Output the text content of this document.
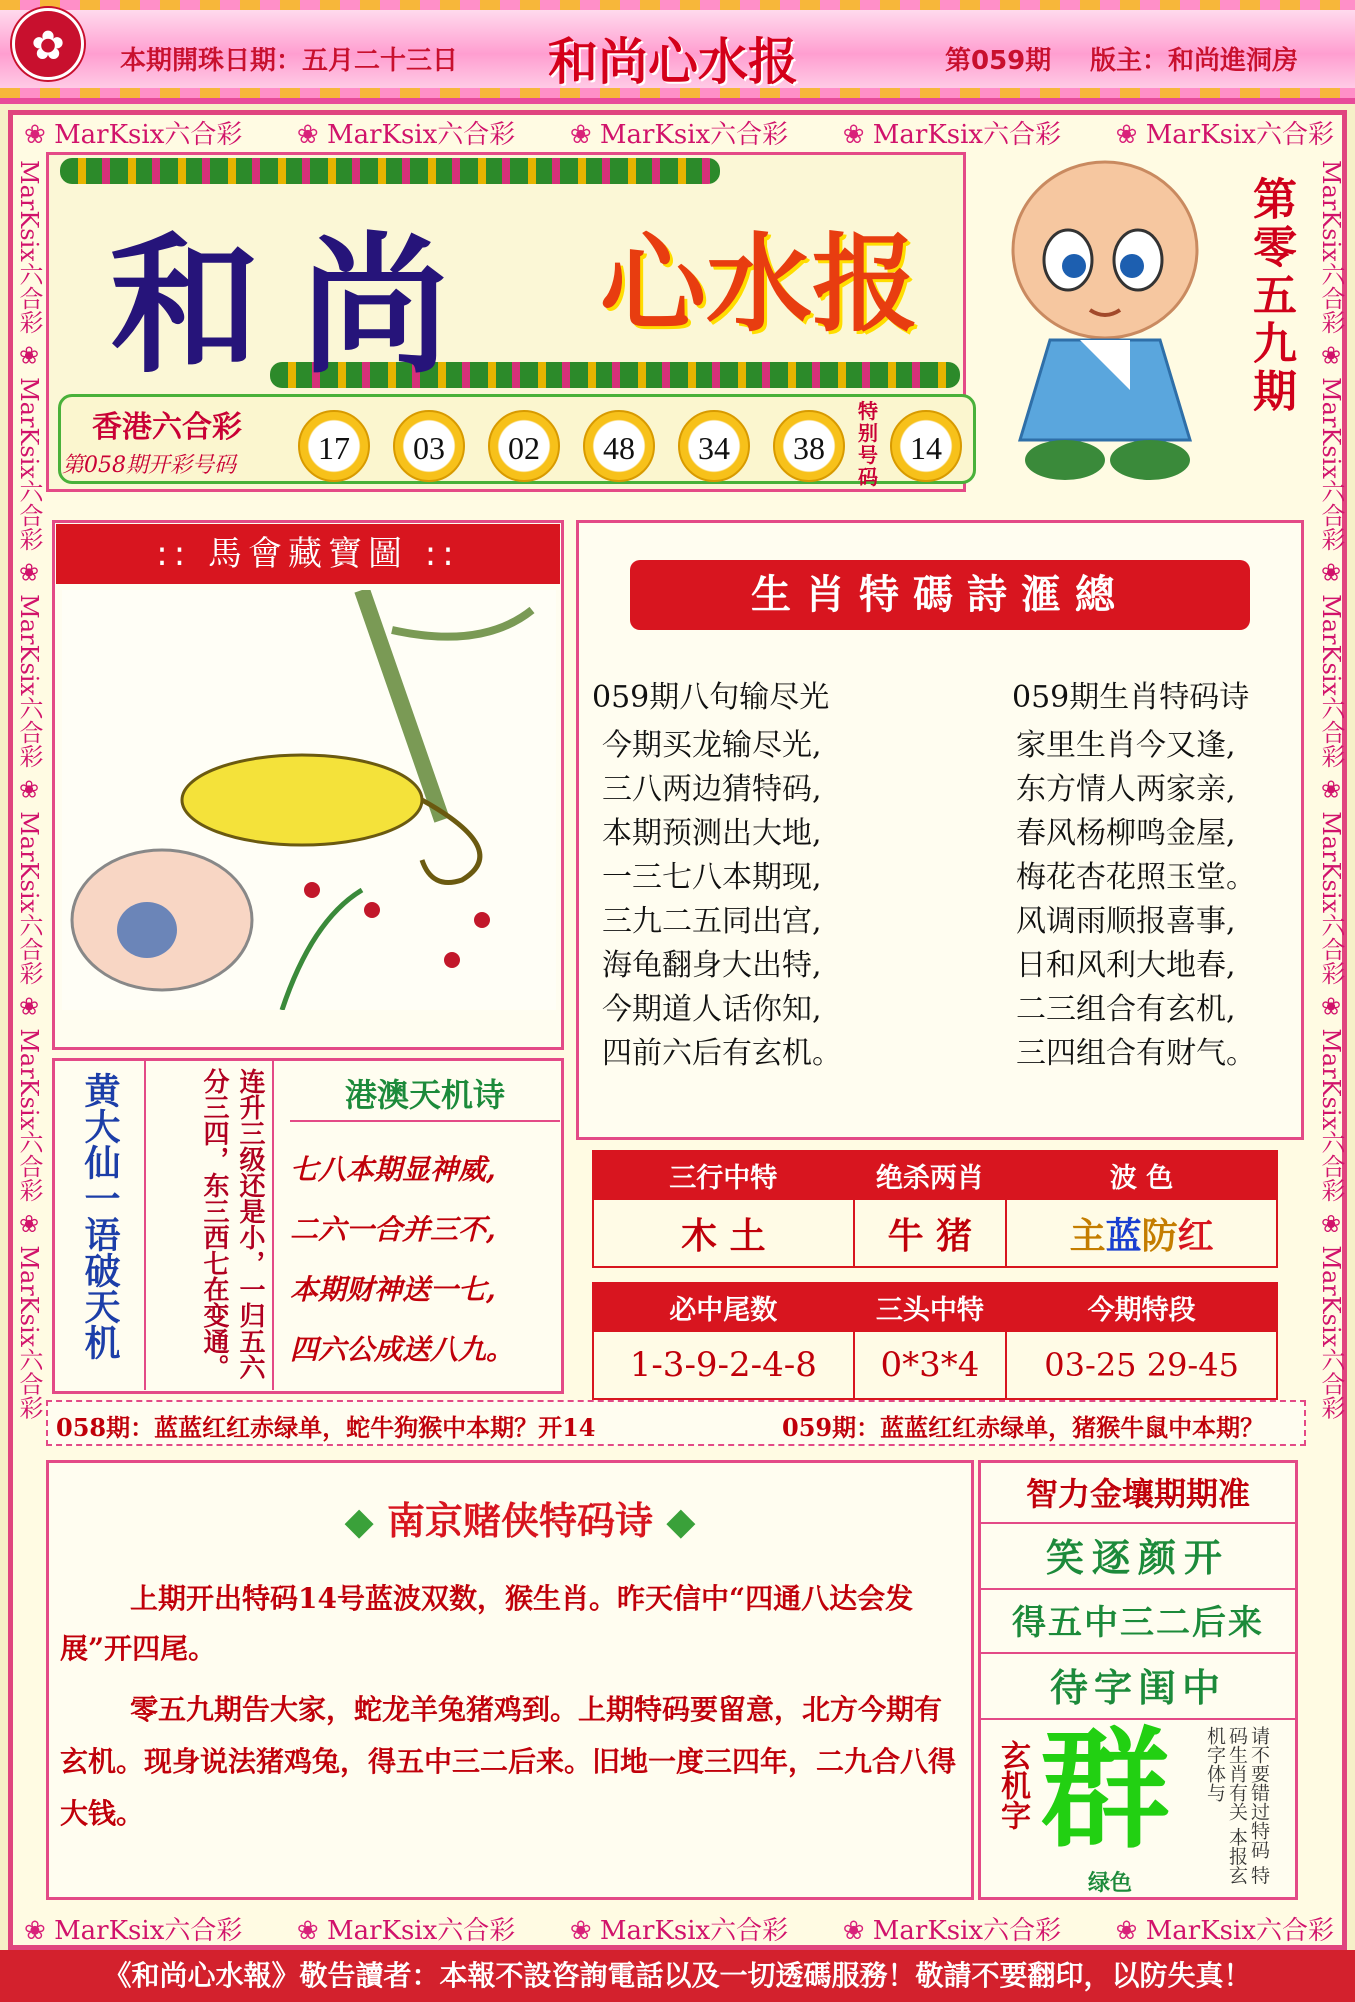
✿	本期開珠日期：五月二十三日 和尚心水报	第059期 版主：和尚進洞房
❀ MarKsix六合彩 ❀ MarKsix六合彩 ❀ MarKsix六合彩 ❀ MarKsix六合彩 ❀ MarKsix六合彩
❀ MarKsix六合彩 ❀ MarKsix六合彩 ❀ MarKsix六合彩 ❀ MarKsix六合彩 ❀ MarKsix六合彩
MarKsix六合彩 ❀ MarKsix六合彩 ❀ MarKsix六合彩 ❀ MarKsix六合彩 ❀ MarKsix六合彩 ❀ MarKsix六合彩
MarKsix六合彩 ❀ MarKsix六合彩 ❀ MarKsix六合彩 ❀ MarKsix六合彩 ❀ MarKsix六合彩 ❀ MarKsix六合彩
和尚 心水报	第零五九期
香港六合彩
第058期开彩号码	17	03	02	48	34	38
特别号码
14
:: 馬會藏寶圖 ::
生肖特碼詩滙總
059期八句输尽光
今期买龙输尽光,
三八两边猜特码,
本期预测出大地,
一三七八本期现,
三九二五同出宫,
海龟翻身大出特,
今期道人话你知,
四前六后有玄机。
059期生肖特码诗
家里生肖今又逢,
东方情人两家亲,
春风杨柳鸣金屋,
梅花杏花照玉堂。
风调雨顺报喜事,
日和风利大地春,
二三组合有玄机,
三四组合有财气。
黄大仙一语破天机	连升三级还是小，一归五六分三四，东三西七在变通。	港澳天机诗
七八本期显神威,
二六一合并三不,
本期财神送一七,
四六公成送八九。
三行中特	绝杀两肖	波 色
木 土	牛 猪	主蓝防红

必中尾数	三头中特	今期特段
1-3-9-2-4-8	0*3*4	03-25 29-45
058期：蓝蓝红红赤绿单，蛇牛狗猴中本期？开14	059期：蓝蓝红红赤绿单，猪猴牛鼠中本期？
◆ 南京赌侠特码诗 ◆
上期开出特码14号蓝波双数，猴生肖。昨天信中“四通八达会发展”开四尾。
零五九期告大家，蛇龙羊兔猪鸡到。上期特码要留意，北方今期有玄机。现身说法猪鸡兔，得五中三二后来。旧地一度三四年，二九合八得大钱。
智力金壤期期准
笑逐颜开
得五中三二后来
待字闺中
玄机字 群
绿色	请不要错过特码 特码生肖有关 本报玄机字体与
《和尚心水報》敬告讀者：本報不設咨詢電話以及一切透碼服務！敬請不要翻印，以防失真！
